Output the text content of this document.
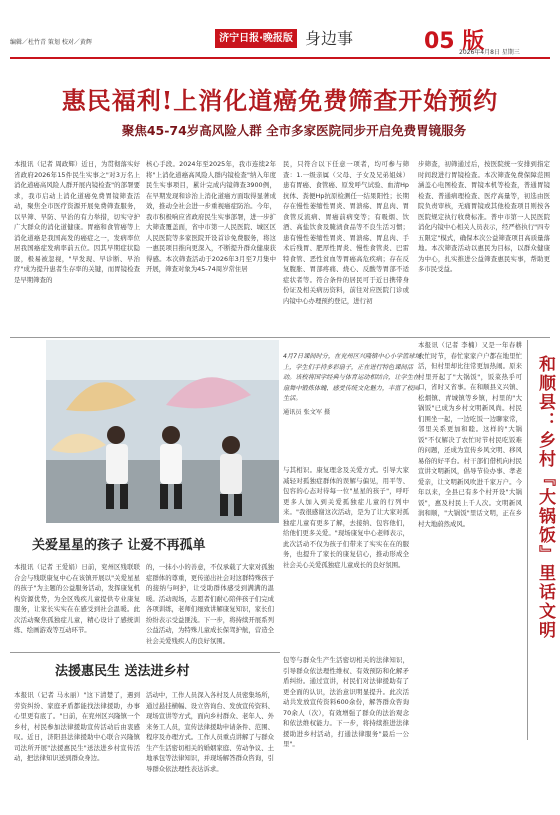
编辑／杜竹青 策划 校对／黄辉	济宁日报·晚报版 身边事	05 版
2026年4月8日 星期三
惠民福利!上消化道癌免费筛查开始预约
聚焦45-74岁高风险人群 全市多家医院同步开启免费胃镜服务
本报讯（记者 周政辉）近日，为贯彻落实好省政府2026年15件民生实事之"对3万名上消化道癌高风险人群开展内镜检查"的部署要求，我市启动上消化道癌免费胃镜筛查活动，聚焦全市医疗资源开展免费筛查服务，以早筛、早防、早治的有力举措，切实守护广大群众的消化道健康。胃癌和食管癌等上消化道癌是我国高发的癌症之一，发病率位居我国癌症发病率前五位。因其早期症状隐匿，极易被忽视，"早发现、早诊断、早治疗"成为提升患者生存率的关键，而胃镜检查是早期筛查的
核心手段。2024年至2025年，我市连续2年将"上消化道癌高风险人群内镜检查"纳入年度民生实事项目，累计完成内镜筛查3900例，在早期发现和诊治上消化道癌方面取得显著成效，推动全社会进一步重视癌症防治。今年，我市积极响应省政府民生实事部署，进一步扩大筛查覆盖面，省中市第一人民医院、城区区人民医院等多家医院开设首诊免费服务，将这一惠民项目推向更深入，不断提升群众健康获得感。本次筛查活动于2026年3月至7月集中开展，筛查对象为45-74周岁常住居
民，只符合以下任意一项者，均可参与筛查：1.一级亲属（父母、子女及兄弟姐妹）患有胃癌、食管癌、原发呼气试验、血清Hp抗体、粪便Hp抗原检测任一结果阳性；长期存在慢性萎缩性胃炎、胃溃疡、胃息肉、胃食管反流病、胃癌前病变等；有吸烟、饮酒、高盐饮食及腌渍食品等不良生活习惯；患有慢性萎缩性胃炎、胃溃疡、胃息肉、手术后残胃、肥厚性胃炎、慢性食管炎、巴雷特食管、恶性贫血等胃癌高危疾病；存在反复腹胀、胃部疼痛、烧心、反酸等胃部不适症状者等。符合条件的居民可于近日携带身份证及相关病历资料，前往对应医院门诊或内镜中心办理预约登记，进行初
步筛查，初筛通过后，按医院统一安排到指定时间段进行胃镜检查。本次筛查免费保障范围涵盖心电图检查、胃镜本机等检查，普通胃镜检查、普通病理检查、医疗高量等，初选由医院负责审核，无痛胃镜或其他检查项目则按各医院规定执行收费标准。普中市第一人民医院消化内镜中心相关人员表示，经严格执行"四专五限定"模式，确保本次公益筛查项目高质量落地。本次筛查活动以惠民为目标，以群众健康为中心，扎实推进公益筛查惠民实事，帮助更多市民受益。
4月7日课间时分，在兖州区兴隆镇中心小学篮球场上，学生们手持多彩扇子，正在进行特色课间活动。该校将国学经典与体育运动相结合，让学生在扇舞中锻炼体魄、感受传统文化魅力，丰富了校园生活。
通讯员 张文军 摄
关爱星星的孩子 让爱不再孤单
本报讯（记者 王爱娟）日前，兖州区残联联合会与残联康复中心在该镇开展以"关爱星星的孩子"为主题的公益服务活动，发挥康复机构资源优势，为全区残疾儿童提供专业康复服务，让家长实实在在感受到社会温暖。此次活动聚焦孤独症儿童，精心设计了感统训练、绘画游戏等互动环节。
的，一抹小小的善意，不仅承载了大家对孤独症群体的尊重，更传递出社会对这群特殊孩子的接纳与呵护，让受助群体感受到满满的温暖。活动现场，志愿者们耐心陪伴孩子们完成各项训练，老师们细致讲解康复知识，家长们纷纷表示受益匪浅。下一步，将持续开展系列公益活动，为特殊儿童成长保驾护航，营造全社会关爱残疾人的良好氛围。
与其相识。康复理念及关爱方式。引导大家减轻对孤独症群体的误解与偏见，用平等、包容的心态对待每一位"星星的孩子"，呼吁更多人加入到关爱孤独症儿童的行列中来。"我很感谢这次活动，是为了让大家对孤独症儿童有更多了解，去接纳、包容他们，给他们更多关爱。"现场康复中心老师表示，此次活动不仅为孩子们带来了实实在在的服务，也提升了家长的康复信心，推动形成全社会关心关爱孤独症儿童成长的良好氛围。
法援惠民生 送法进乡村
本报讯（记者 马永丽）"这下清楚了，遇到劳资纠纷、家庭矛盾都能找法律援助，办事心里更有底了。"日前，在兖州区兴隆镇一个乡村，村民参加法律援助宣传活动后由衷感叹。近日，济阳县法律援助中心联合兴隆镇司法所开展"法援惠民生"送法进乡村宣传活动，把法律知识送到群众身边。
活动中，工作人员深入各村及人员密集场所，通过悬挂横幅、设立咨询台、发放宣传资料、现场宣讲等方式，面向乡村群众、老年人、外来务工人员，宣传法律援助申请条件、范围、程序及办理方式。工作人员重点讲解了与群众生产生活密切相关的婚姻家庭、劳动争议、土地承包等法律知识，并现场解答群众咨询，引导群众依法理性表达诉求。
包等与群众生产生活密切相关的法律知识，引导群众依法理性维权、有效预防和化解矛盾纠纷。通过宣讲，村民们对法律援助有了更全面的认识，法治意识明显提升。此次活动共发放宣传资料600余份，解答群众咨询70余人（次），有效增强了群众的法治观念和依法维权能力。下一步，将持续推进法律援助进乡村活动，打通法律服务"最后一公里"。
本报讯（记者 李楠）又是一年春耕农忙时节，春忙家家户户都在地里忙活，但村里却比往常更加热闹。原来村里开起了"大锅饭"，饭菜热乎可口，省时又省事。在和顺县义兴镇、松烟镇、青城镇等乡镇，村里的"大锅饭"已成为乡村文明新风尚。村民们围坐一起，一边吃饭一边聊家常，邻里关系更加和睦。这样的"大锅饭"不仅解决了农忙时节村民吃饭难的问题，还成为宣传乡风文明、移风易俗的好平台。村干部们借机向村民宣讲文明新风，倡导节俭办事、孝老爱亲，让文明新风吹进千家万户。今年以来，全县已有多个村开设"大锅饭"，惠及村民上千人次。文明新风润和顺，"大锅饭"里话文明，正在乡村大地蔚然成风。	和顺县：乡村『大锅饭』里话文明
